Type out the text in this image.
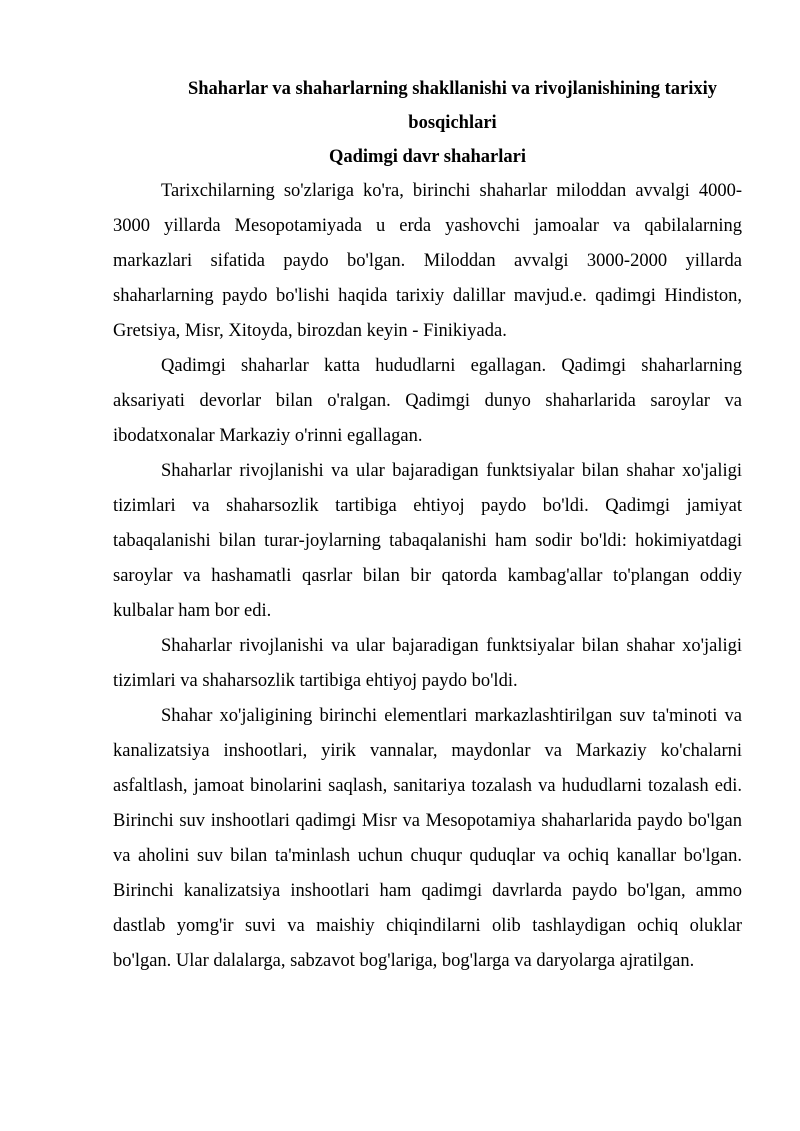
Shaharlar va shaharlarning shakllanishi va rivojlanishining tarixiy bosqichlari

Qadimgi davr shaharlari

Tarixchilarning so'zlariga ko'ra, birinchi shaharlar miloddan avvalgi 4000-3000 yillarda Mesopotamiyada u erda yashovchi jamoalar va qabilalarning markazlari sifatida paydo bo'lgan. Miloddan avvalgi 3000-2000 yillarda shaharlarning paydo bo'lishi haqida tarixiy dalillar mavjud.e. qadimgi Hindiston, Gretsiya, Misr, Xitoyda, birozdan keyin - Finikiyada.

Qadimgi shaharlar katta hududlarni egallagan. Qadimgi shaharlarning aksariyati devorlar bilan o'ralgan. Qadimgi dunyo shaharlarida saroylar va ibodatxonalar Markaziy o'rinni egallagan.

Shaharlar rivojlanishi va ular bajaradigan funktsiyalar bilan shahar xo'jaligi tizimlari va shaharsozlik tartibiga ehtiyoj paydo bo'ldi. Qadimgi jamiyat tabaqalanishi bilan turar-joylarning tabaqalanishi ham sodir bo'ldi: hokimiyatdagi saroylar va hashamatli qasrlar bilan bir qatorda kambag'allar to'plangan oddiy kulbalar ham bor edi.

Shaharlar rivojlanishi va ular bajaradigan funktsiyalar bilan shahar xo'jaligi tizimlari va shaharsozlik tartibiga ehtiyoj paydo bo'ldi.

Shahar xo'jaligining birinchi elementlari markazlashtirilgan suv ta'minoti va kanalizatsiya inshootlari, yirik vannalar, maydonlar va Markaziy ko'chalarni asfaltlash, jamoat binolarini saqlash, sanitariya tozalash va hududlarni tozalash edi. Birinchi suv inshootlari qadimgi Misr va Mesopotamiya shaharlarida paydo bo'lgan va aholini suv bilan ta'minlash uchun chuqur quduqlar va ochiq kanallar bo'lgan. Birinchi kanalizatsiya inshootlari ham qadimgi davrlarda paydo bo'lgan, ammo dastlab yomg'ir suvi va maishiy chiqindilarni olib tashlaydigan ochiq oluklar bo'lgan. Ular dalalarga, sabzavot bog'lariga, bog'larga va daryolarga ajratilgan.
